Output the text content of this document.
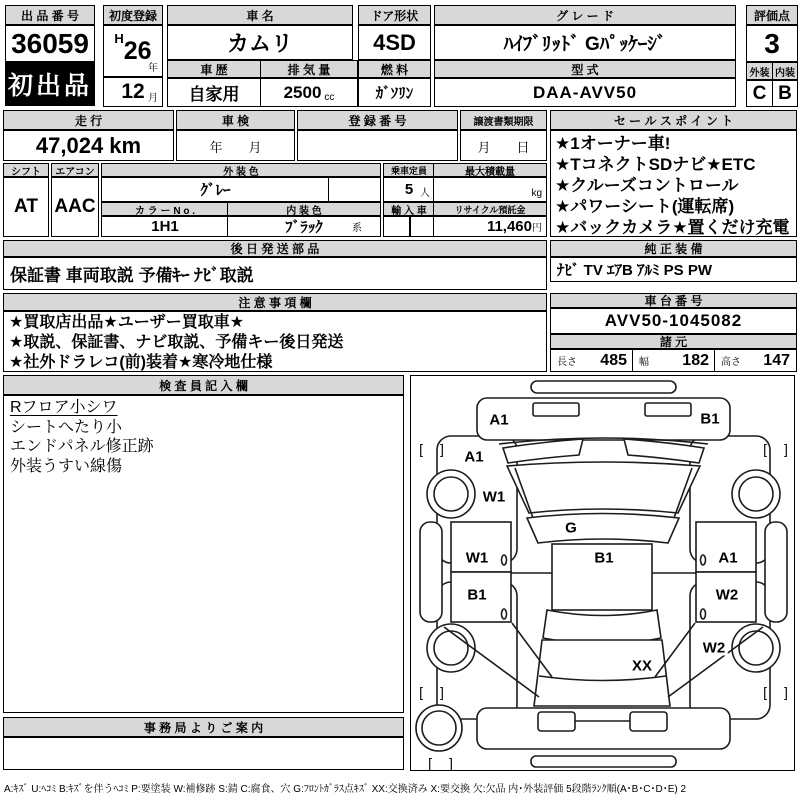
出 品 番 号
36059
初出品
初度登録
H 26
年
12 月
車 名
カムリ
ドア形状
4SD
グ レ ー ド
ﾊｲﾌﾞﾘｯﾄﾞ Gﾊﾟｯｹｰｼﾞ
評価点
3
外装 内装
C B
車 歴
自家用
排 気 量
2500 cc
燃 料
ｶﾞｿﾘﾝ
型 式
DAA-AVV50
走 行
47,024 km
車 検
年　　月
登 録 番 号	譲渡書類期限
月　　日
セ ー ル ス ポ イ ン ト
★1オーナー車!
★TコネクトSDナビ★ETC
★クルーズコントロール
★パワーシート(運転席)
★バックカメラ★置くだけ充電
シフト
AT
エアコン
AAC
外 装 色
ｸﾞﾚｰ
カ ラ ー N o .	内 装 色
1H1	ﾌﾞﾗｯｸ	系
乗車定員	最大積載量
5 人	kg
輸 入 車	リサイクル預託金
11,460 円
後 日 発 送 部 品
保証書 車両取説 予備ｷｰ ﾅﾋﾞ取説
純 正 装 備
ﾅﾋﾞ TV ｴｱB ｱﾙﾐ PS PW
注 意 事 項 欄
★買取店出品★ユーザー買取車★
★取説、保証書、ナビ取説、予備キー後日発送
★社外ドラレコ(前)装着★寒冷地仕様
車 台 番 号
AVV50-1045082
諸 元
長さ 485 幅 182 高さ 147
検 査 員 記 入 欄
Rフロア小シワ
シートへたり小
エンドパネル修正跡
外装うすい線傷
事 務 局 よ り ご 案 内
A1	B1
A1
W1
G
W1	B1	A1
B1	W2
W2
XX
[  ]	[  ]
[  ]	[  ]
[  ]
A:ｷｽﾞ U:ﾍｺﾐ B:ｷｽﾞを伴うﾍｺﾐ P:要塗装 W:補修跡 S:錆 C:腐食、穴 G:ﾌﾛﾝﾄｶﾞﾗｽ点ｷｽﾞ XX:交換済み X:要交換 欠:欠品 内･外装評価 5段階ﾗﾝｸ順(A･B･C･D･E) 2
